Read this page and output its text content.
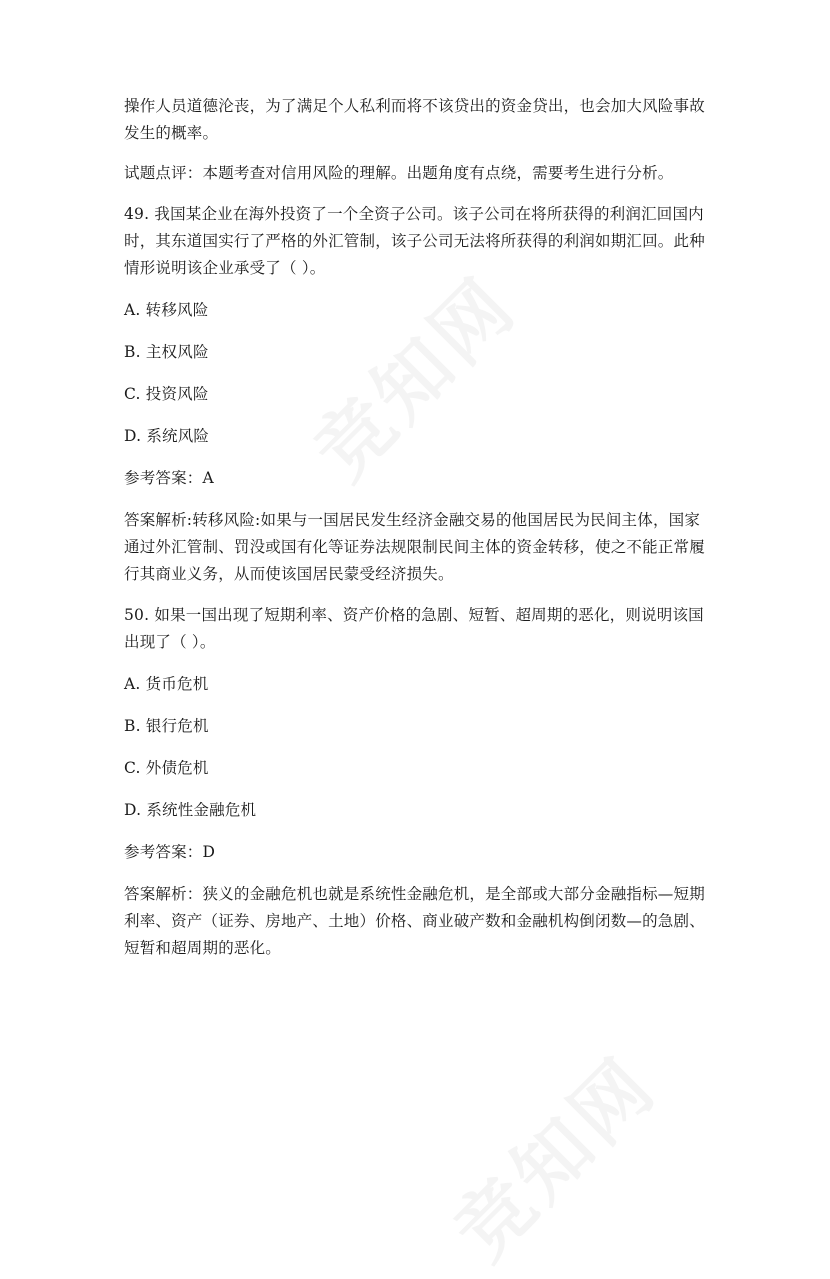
操作人员道德沦丧，为了满足个人私利而将不该贷出的资金贷出，也会加大风险事故发生的概率。

试题点评：本题考查对信用风险的理解。出题角度有点绕，需要考生进行分析。

49. 我国某企业在海外投资了一个全资子公司。该子公司在将所获得的利润汇回国内时，其东道国实行了严格的外汇管制，该子公司无法将所获得的利润如期汇回。此种情形说明该企业承受了（ ）。

A. 转移风险

B. 主权风险

C. 投资风险

D. 系统风险

参考答案：A

答案解析:转移风险:如果与一国居民发生经济金融交易的他国居民为民间主体，国家通过外汇管制、罚没或国有化等证券法规限制民间主体的资金转移，使之不能正常履行其商业义务，从而使该国居民蒙受经济损失。

50. 如果一国出现了短期利率、资产价格的急剧、短暂、超周期的恶化，则说明该国出现了（ ）。

A. 货币危机

B. 银行危机

C. 外债危机

D. 系统性金融危机

参考答案：D

答案解析：狭义的金融危机也就是系统性金融危机，是全部或大部分金融指标—短期利率、资产（证券、房地产、土地）价格、商业破产数和金融机构倒闭数—的急剧、短暂和超周期的恶化。
